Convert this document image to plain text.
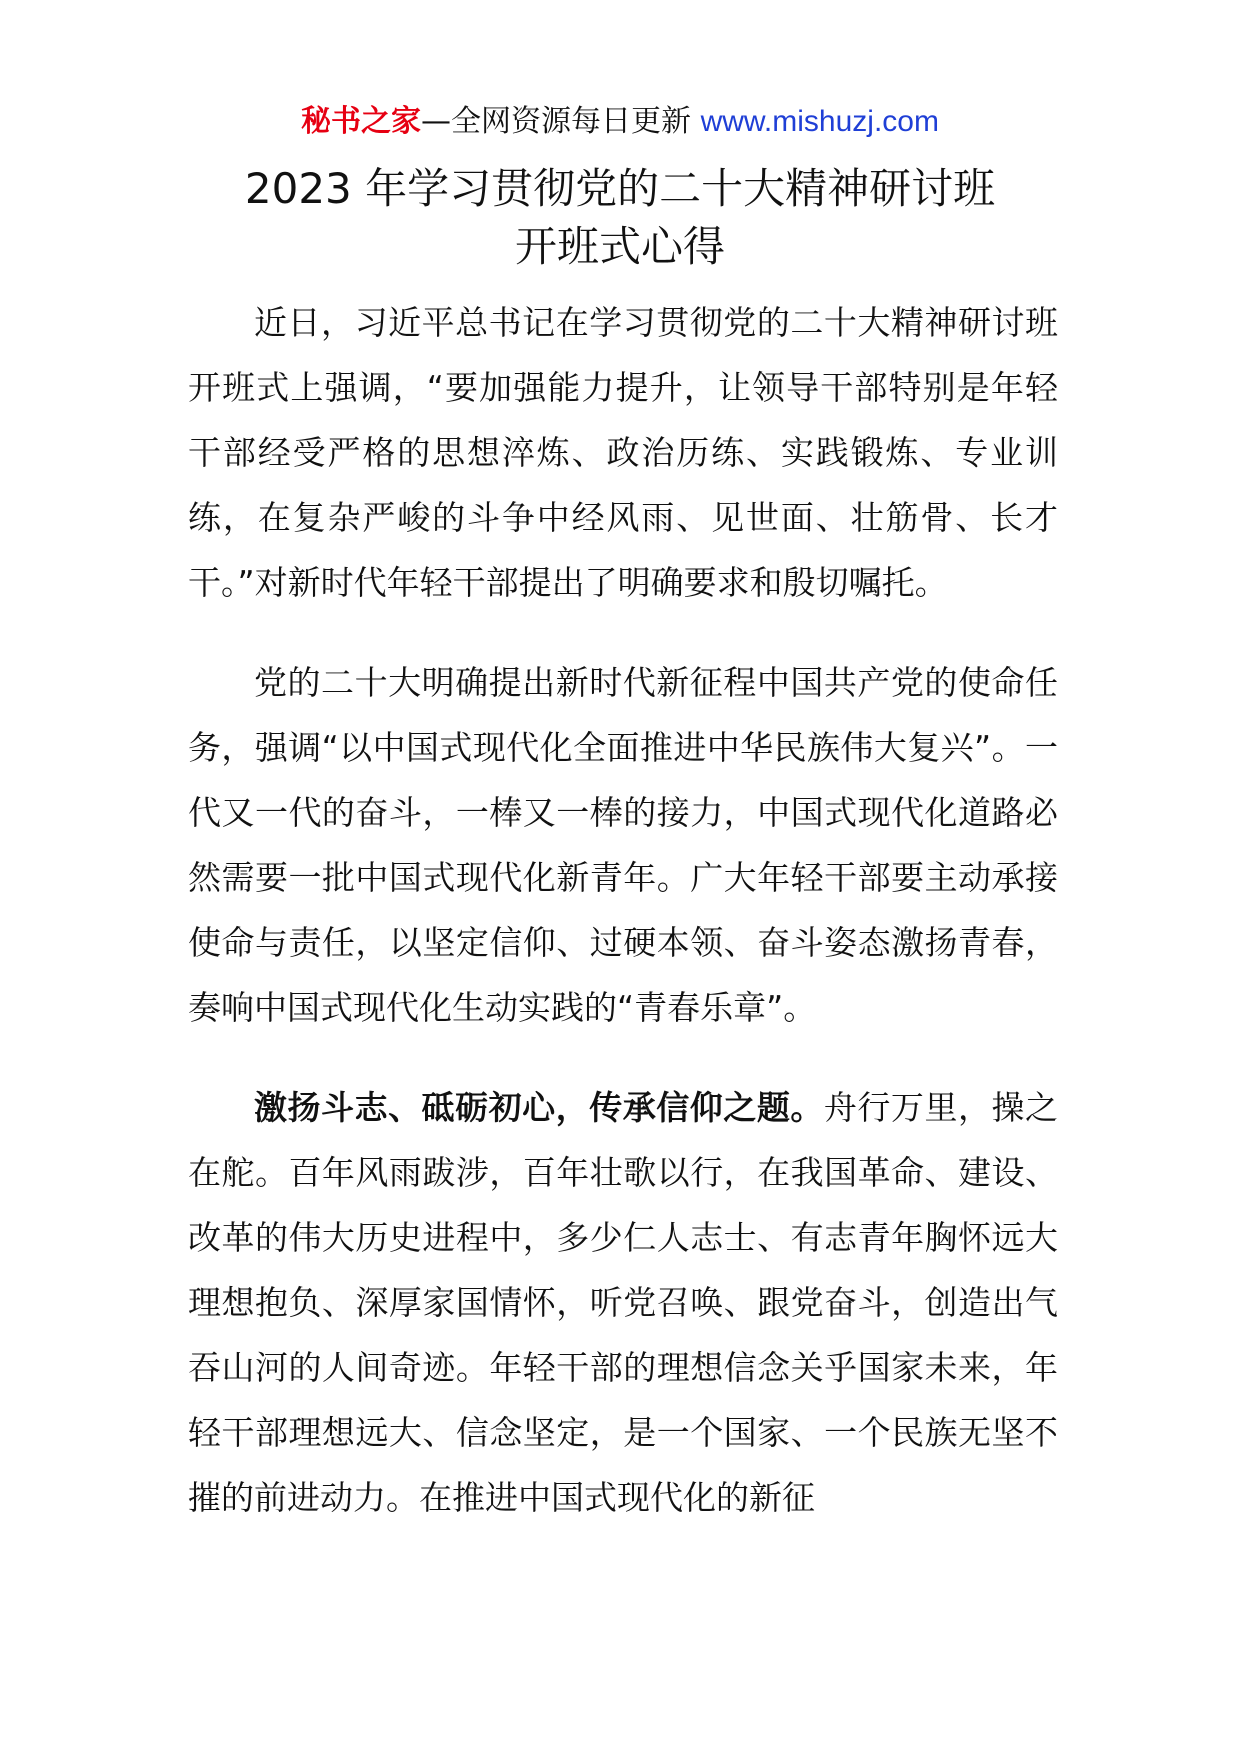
秘书之家—全网资源每日更新 www.mishuzj.com
2023 年学习贯彻党的二十大精神研讨班
开班式心得

近日，习近平总书记在学习贯彻党的二十大精神研讨班开班式上强调，“要加强能力提升，让领导干部特别是年轻干部经受严格的思想淬炼、政治历练、实践锻炼、专业训练，在复杂严峻的斗争中经风雨、见世面、壮筋骨、长才干。”对新时代年轻干部提出了明确要求和殷切嘱托。

党的二十大明确提出新时代新征程中国共产党的使命任务，强调“以中国式现代化全面推进中华民族伟大复兴”。一代又一代的奋斗，一棒又一棒的接力，中国式现代化道路必然需要一批中国式现代化新青年。广大年轻干部要主动承接使命与责任，以坚定信仰、过硬本领、奋斗姿态激扬青春，奏响中国式现代化生动实践的“青春乐章”。

激扬斗志、砥砺初心，传承信仰之题。舟行万里，操之在舵。百年风雨跋涉，百年壮歌以行，在我国革命、建设、改革的伟大历史进程中，多少仁人志士、有志青年胸怀远大理想抱负、深厚家国情怀，听党召唤、跟党奋斗，创造出气吞山河的人间奇迹。年轻干部的理想信念关乎国家未来，年轻干部理想远大、信念坚定，是一个国家、一个民族无坚不摧的前进动力。在推进中国式现代化的新征
